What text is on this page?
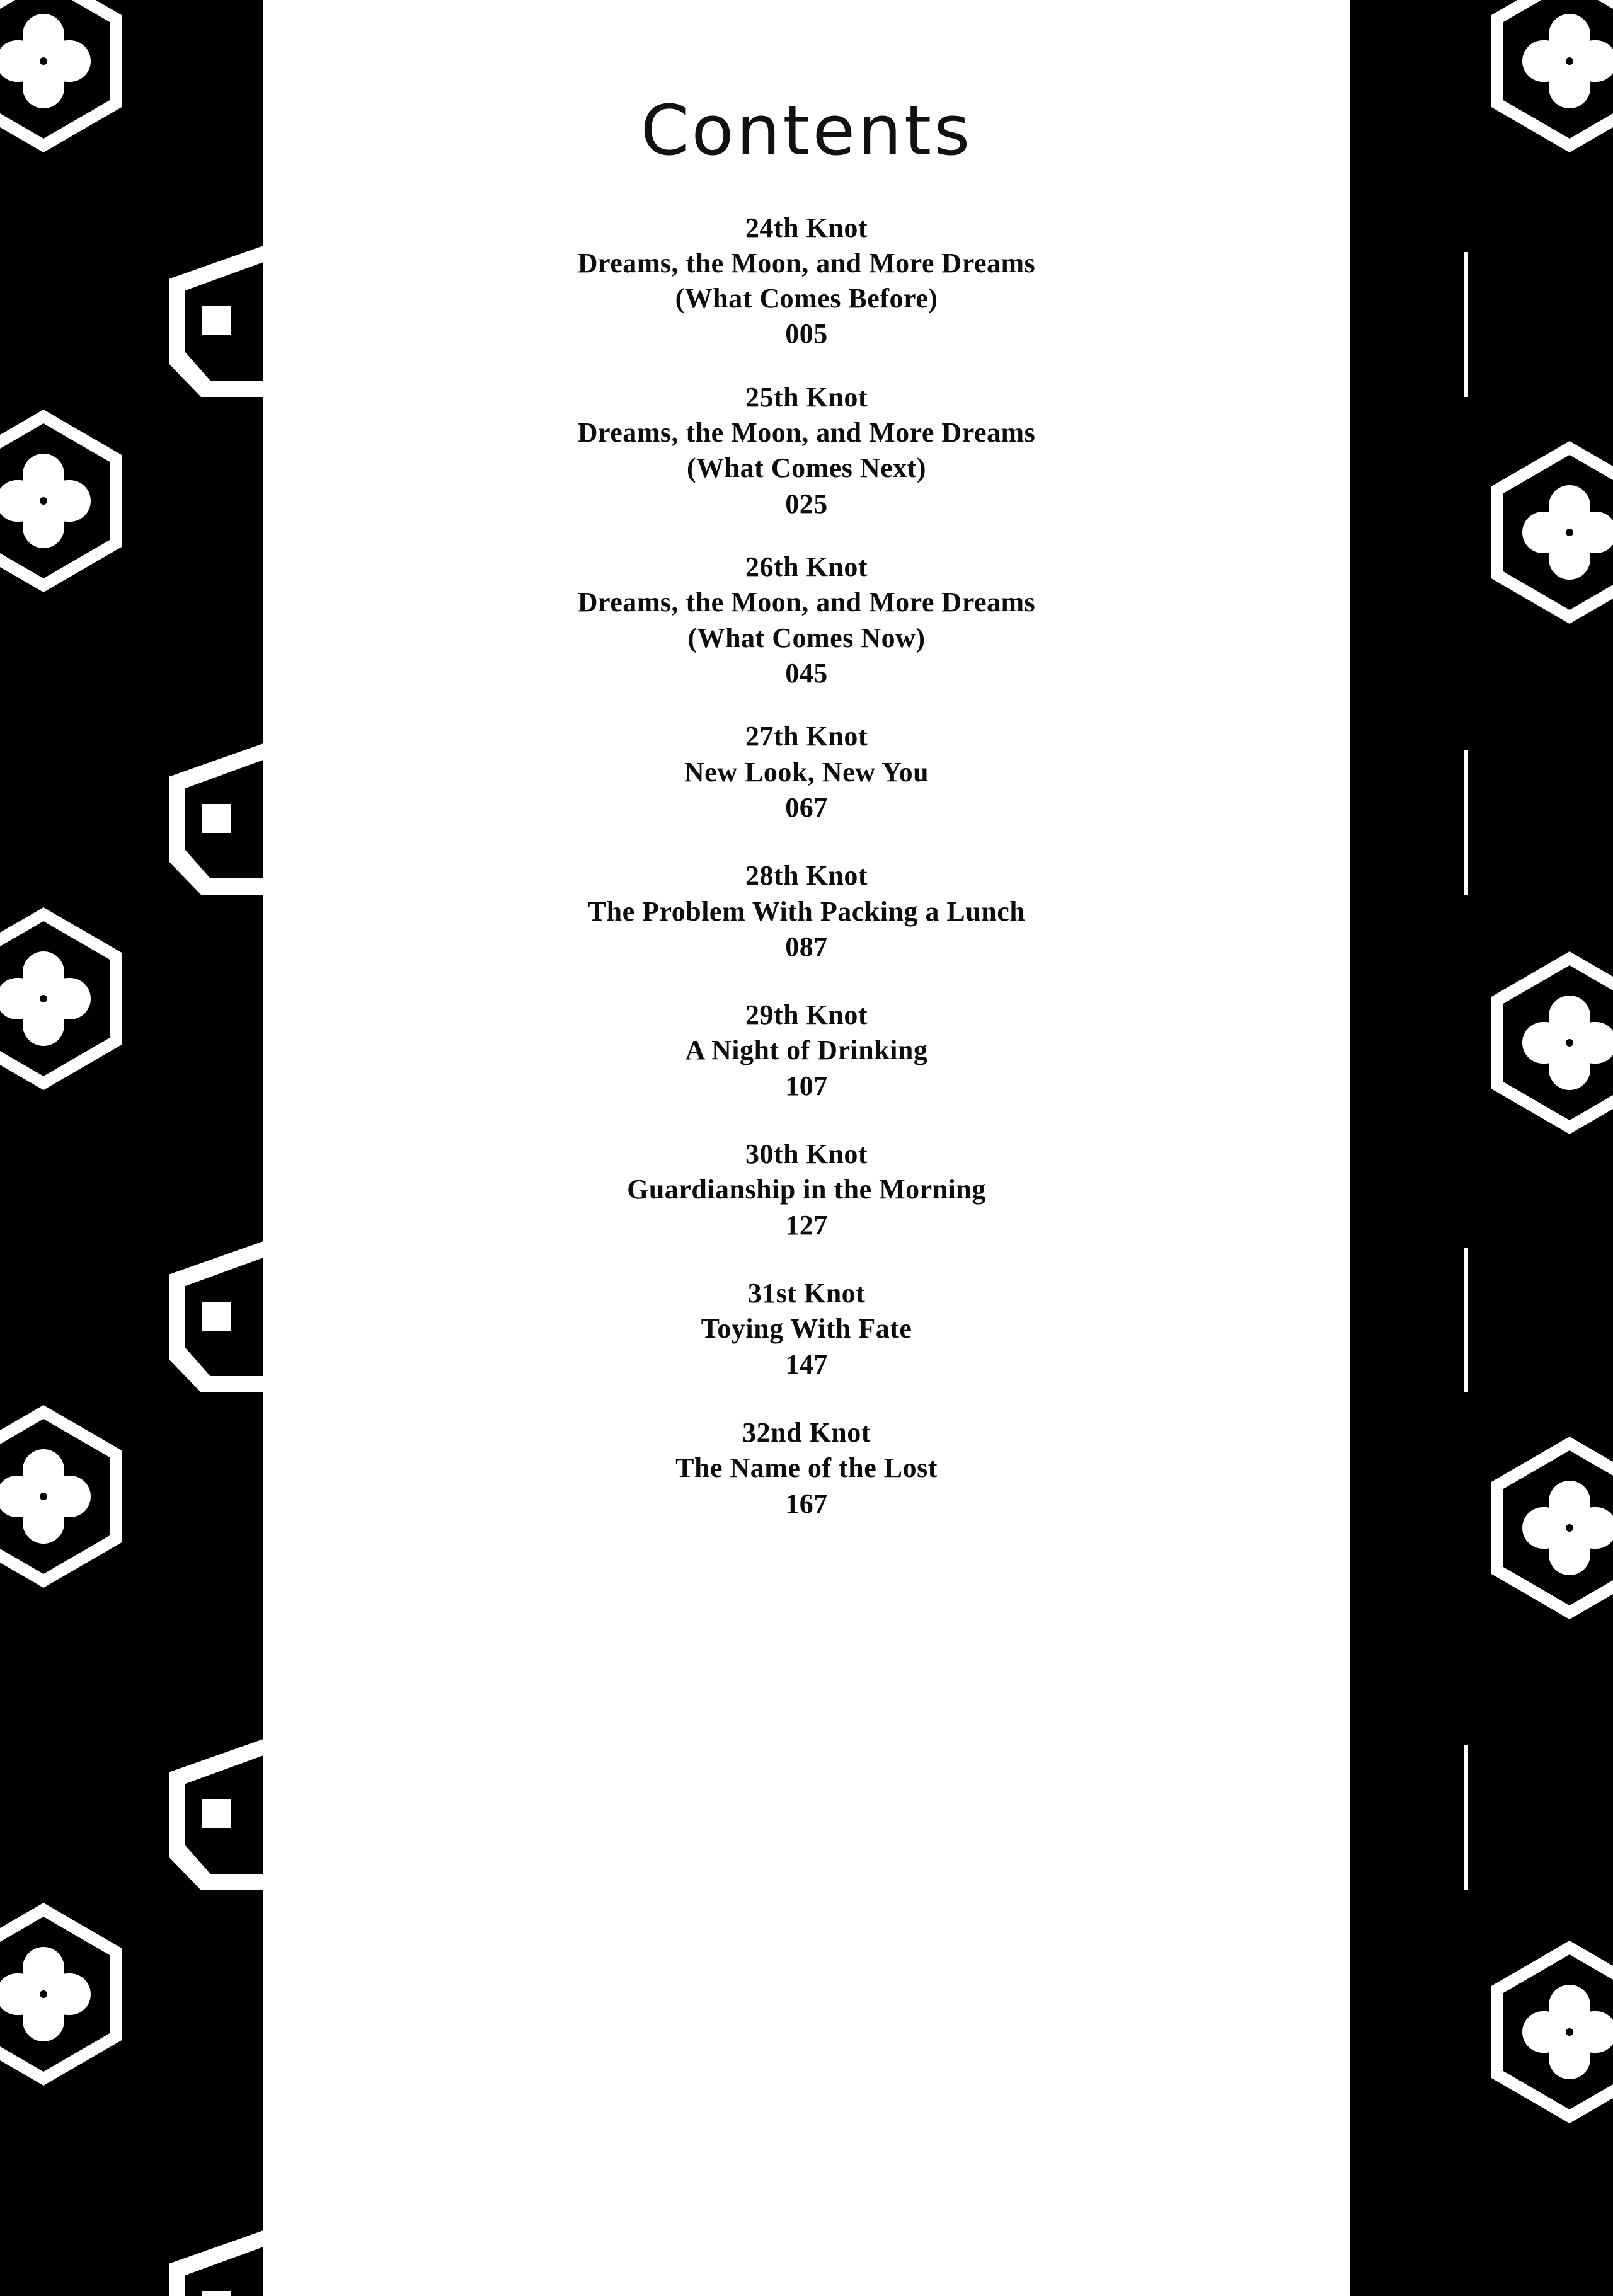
Contents
24th Knot
Dreams, the Moon, and More Dreams
(What Comes Before)
005
25th Knot
Dreams, the Moon, and More Dreams
(What Comes Next)
025
26th Knot
Dreams, the Moon, and More Dreams
(What Comes Now)
045
27th Knot
New Look, New You
067
28th Knot
The Problem With Packing a Lunch
087
29th Knot
A Night of Drinking
107
30th Knot
Guardianship in the Morning
127
31st Knot
Toying With Fate
147
32nd Knot
The Name of the Lost
167
